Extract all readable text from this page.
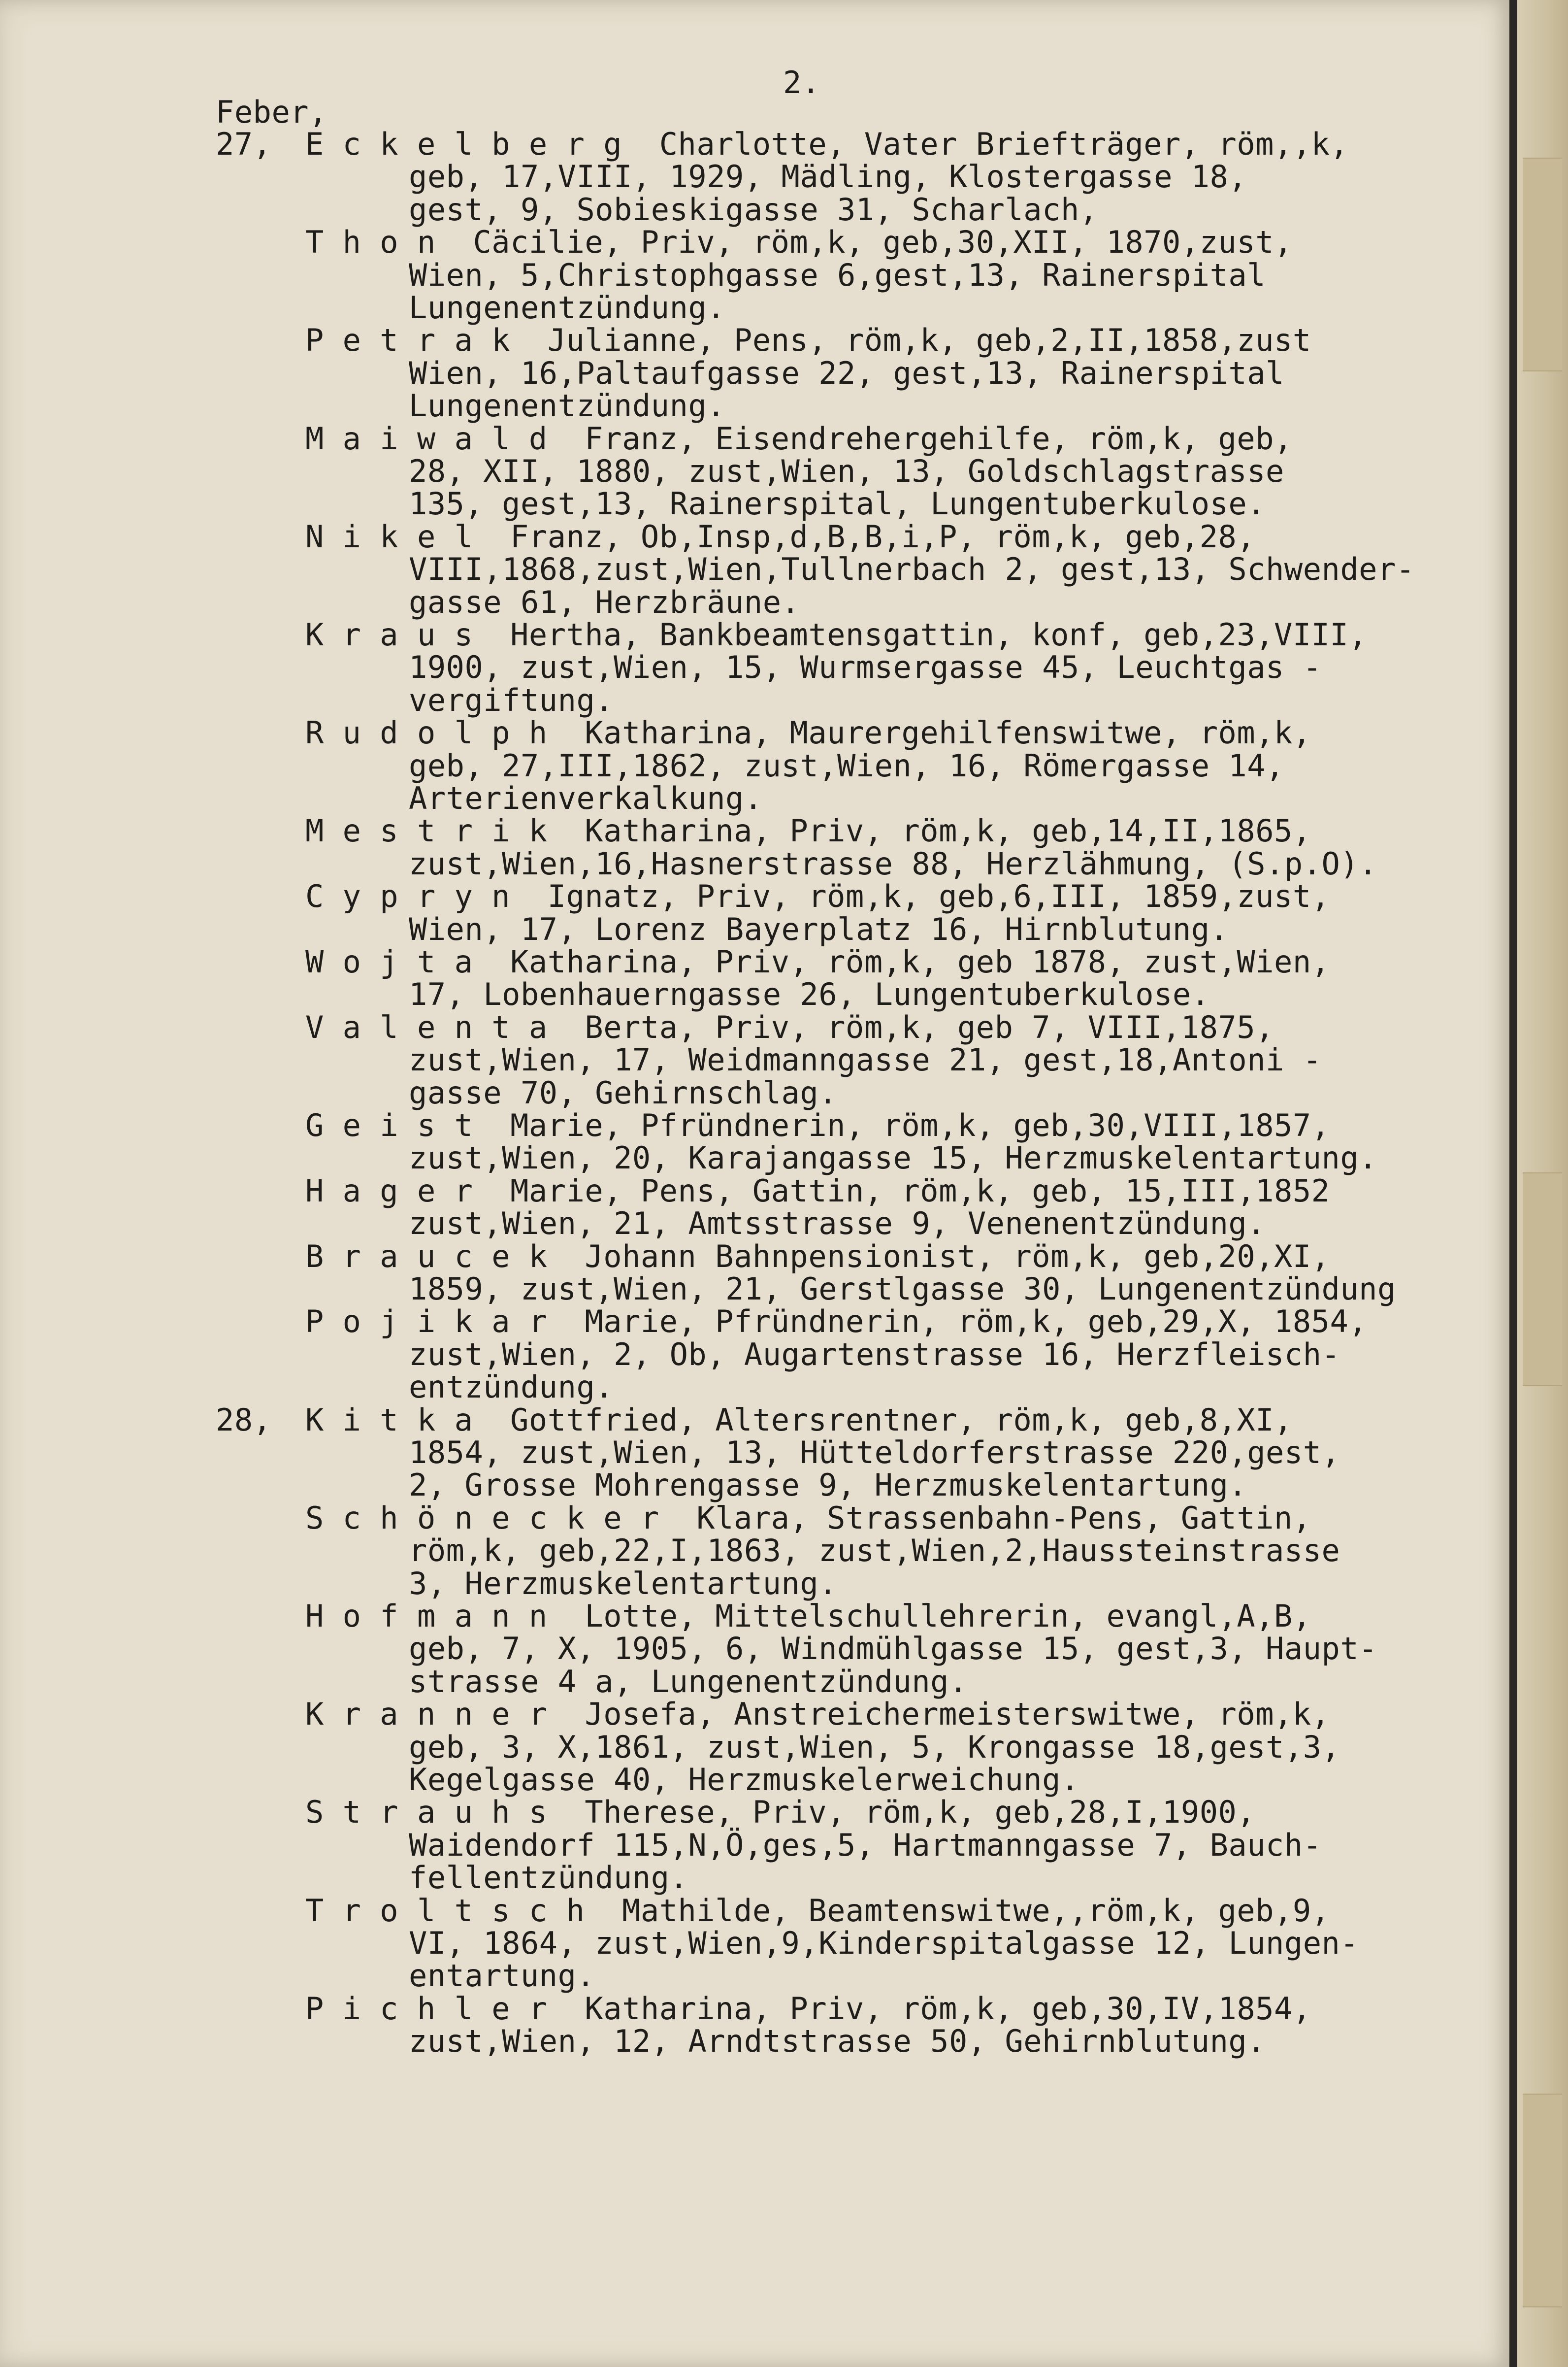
2.
Feber,
27, E c k e l b e r g  Charlotte, Vater Briefträger, röm,,k,
geb, 17,VIII, 1929, Mädling, Klostergasse 18,
gest, 9, Sobieskigasse 31, Scharlach,
T h o n  Cäcilie, Priv, röm,k, geb,30,XII, 1870,zust,
Wien, 5,Christophgasse 6,gest,13, Rainerspital
Lungenentzündung.
P e t r a k  Julianne, Pens, röm,k, geb,2,II,1858,zust
Wien, 16,Paltaufgasse 22, gest,13, Rainerspital
Lungenentzündung.
M a i w a l d  Franz, Eisendrehergehilfe, röm,k, geb,
28, XII, 1880, zust,Wien, 13, Goldschlagstrasse
135, gest,13, Rainerspital, Lungentuberkulose.
N i k e l  Franz, Ob,Insp,d,B,B,i,P, röm,k, geb,28,
VIII,1868,zust,Wien,Tullnerbach 2, gest,13, Schwender-
gasse 61, Herzbräune.
K r a u s  Hertha, Bankbeamtensgattin, konf, geb,23,VIII,
1900, zust,Wien, 15, Wurmsergasse 45, Leuchtgas -
vergiftung.
R u d o l p h  Katharina, Maurergehilfenswitwe, röm,k,
geb, 27,III,1862, zust,Wien, 16, Römergasse 14,
Arterienverkalkung.
M e s t r i k  Katharina, Priv, röm,k, geb,14,II,1865,
zust,Wien,16,Hasnerstrasse 88, Herzlähmung, (S.p.O).
C y p r y n  Ignatz, Priv, röm,k, geb,6,III, 1859,zust,
Wien, 17, Lorenz Bayerplatz 16, Hirnblutung.
W o j t a  Katharina, Priv, röm,k, geb 1878, zust,Wien,
17, Lobenhauerngasse 26, Lungentuberkulose.
V a l e n t a  Berta, Priv, röm,k, geb 7, VIII,1875,
zust,Wien, 17, Weidmanngasse 21, gest,18,Antoni -
gasse 70, Gehirnschlag.
G e i s t  Marie, Pfründnerin, röm,k, geb,30,VIII,1857,
zust,Wien, 20, Karajangasse 15, Herzmuskelentartung.
H a g e r  Marie, Pens, Gattin, röm,k, geb, 15,III,1852
zust,Wien, 21, Amtsstrasse 9, Venenentzündung.
B r a u c e k  Johann Bahnpensionist, röm,k, geb,20,XI,
1859, zust,Wien, 21, Gerstlgasse 30, Lungenentzündung
P o j i k a r  Marie, Pfründnerin, röm,k, geb,29,X, 1854,
zust,Wien, 2, Ob, Augartenstrasse 16, Herzfleisch-
entzündung.
28, K i t k a  Gottfried, Altersrentner, röm,k, geb,8,XI,
1854, zust,Wien, 13, Hütteldorferstrasse 220,gest,
2, Grosse Mohrengasse 9, Herzmuskelentartung.
S c h ö n e c k e r  Klara, Strassenbahn-Pens, Gattin,
röm,k, geb,22,I,1863, zust,Wien,2,Haussteinstrasse
3, Herzmuskelentartung.
H o f m a n n  Lotte, Mittelschullehrerin, evangl,A,B,
geb, 7, X, 1905, 6, Windmühlgasse 15, gest,3, Haupt-
strasse 4 a, Lungenentzündung.
K r a n n e r  Josefa, Anstreichermeisterswitwe, röm,k,
geb, 3, X,1861, zust,Wien, 5, Krongasse 18,gest,3,
Kegelgasse 40, Herzmuskelerweichung.
S t r a u h s  Therese, Priv, röm,k, geb,28,I,1900,
Waidendorf 115,N,Ö,ges,5, Hartmanngasse 7, Bauch-
fellentzündung.
T r o l t s c h  Mathilde, Beamtenswitwe,,röm,k, geb,9,
VI, 1864, zust,Wien,9,Kinderspitalgasse 12, Lungen-
entartung.
P i c h l e r  Katharina, Priv, röm,k, geb,30,IV,1854,
zust,Wien, 12, Arndtstrasse 50, Gehirnblutung.
